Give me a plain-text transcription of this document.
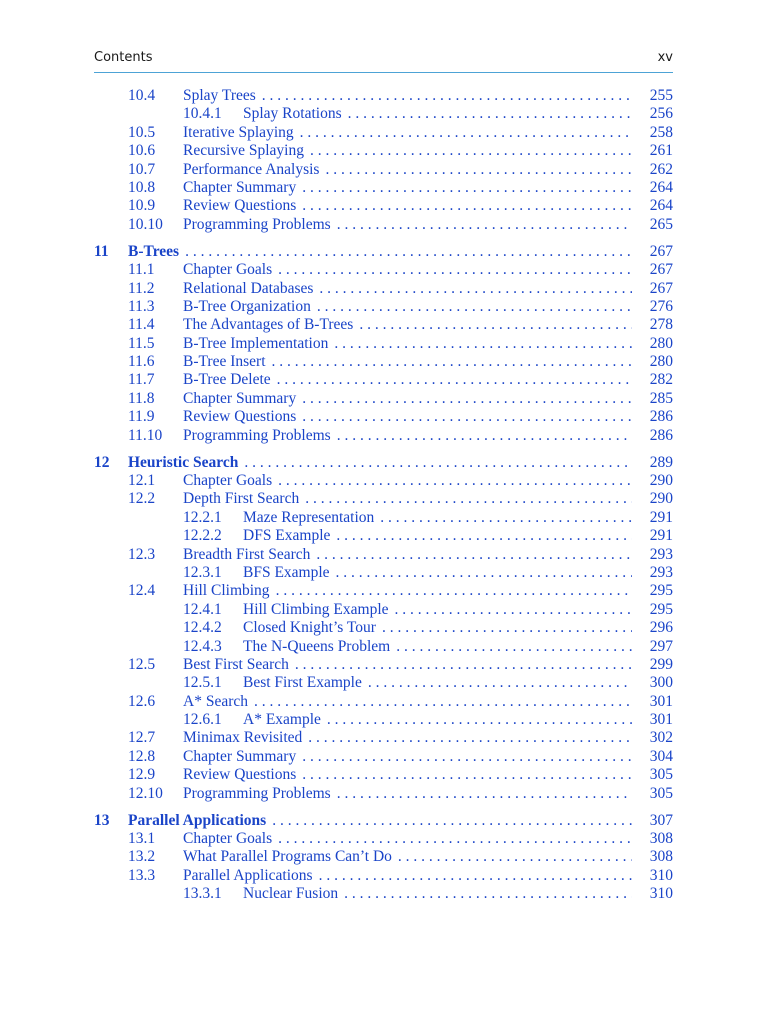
Contents	xv
10.4 Splay Trees . . .	255
10.4.1 Splay Rotations . . .	256
10.5 Iterative Splaying . . .	258
10.6 Recursive Splaying . . .	261
10.7 Performance Analysis . . .	262
10.8 Chapter Summary . . .	264
10.9 Review Questions . . .	264
10.10 Programming Problems . . .	265
11 B-Trees . . .	267
11.1 Chapter Goals . . .	267
11.2 Relational Databases . . .	267
11.3 B-Tree Organization . . .	276
11.4 The Advantages of B-Trees . . .	278
11.5 B-Tree Implementation . . .	280
11.6 B-Tree Insert . . .	280
11.7 B-Tree Delete . . .	282
11.8 Chapter Summary . . .	285
11.9 Review Questions . . .	286
11.10 Programming Problems . . .	286
12 Heuristic Search . . .	289
12.1 Chapter Goals . . .	290
12.2 Depth First Search . . .	290
12.2.1 Maze Representation . . .	291
12.2.2 DFS Example . . .	291
12.3 Breadth First Search . . .	293
12.3.1 BFS Example . . .	293
12.4 Hill Climbing . . .	295
12.4.1 Hill Climbing Example . . .	295
12.4.2 Closed Knight’s Tour . . .	296
12.4.3 The N-Queens Problem . . .	297
12.5 Best First Search . . .	299
12.5.1 Best First Example . . .	300
12.6 A* Search . . .	301
12.6.1 A* Example . . .	301
12.7 Minimax Revisited . . .	302
12.8 Chapter Summary . . .	304
12.9 Review Questions . . .	305
12.10 Programming Problems . . .	305
13 Parallel Applications . . .	307
13.1 Chapter Goals . . .	308
13.2 What Parallel Programs Can’t Do . . .	308
13.3 Parallel Applications . . .	310
13.3.1 Nuclear Fusion . . .	310
